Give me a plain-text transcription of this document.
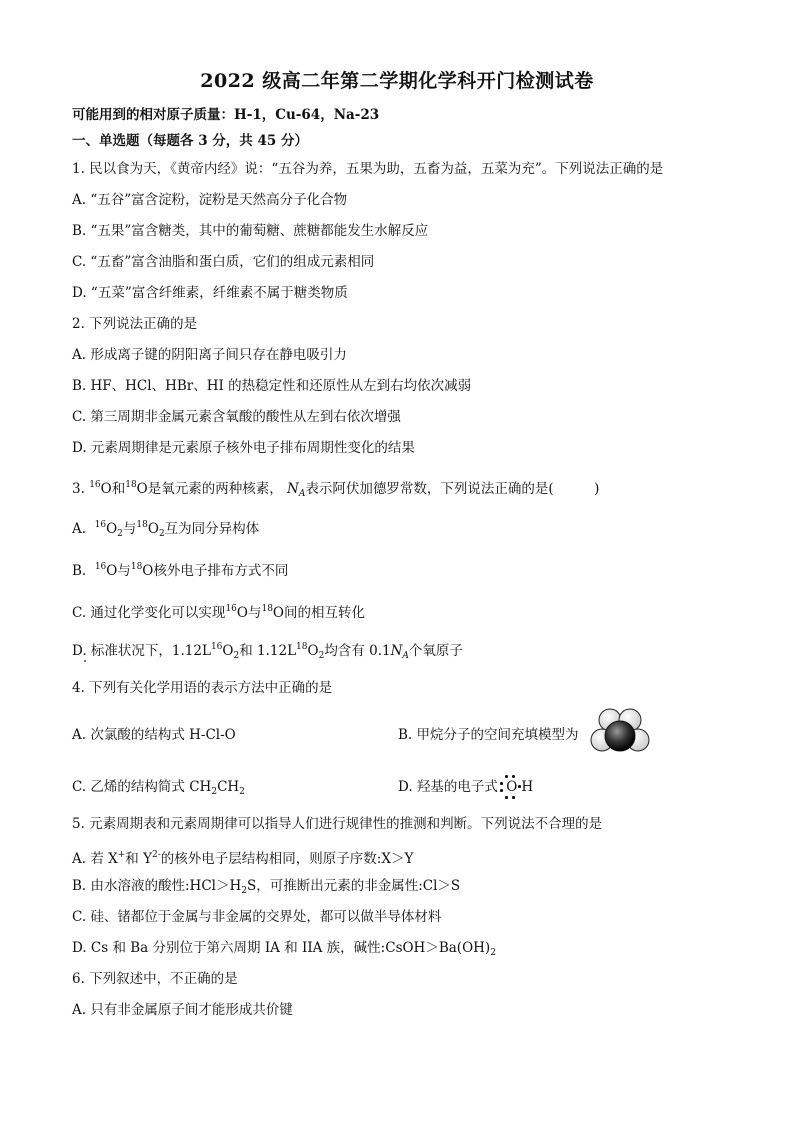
2022 级高二年第二学期化学科开门检测试卷
可能用到的相对原子质量：H-1，Cu-64，Na-23
一、单选题（每题各 3 分，共 45 分）
1. 民以食为天，《黄帝内经》说：“五谷为养，五果为助，五畜为益，五菜为充”。下列说法正确的是
A. “五谷”富含淀粉，淀粉是天然高分子化合物
B. “五果”富含糖类，其中的葡萄糖、蔗糖都能发生水解反应
C. “五畜”富含油脂和蛋白质，它们的组成元素相同
D. “五菜”富含纤维素，纤维素不属于糖类物质
2. 下列说法正确的是
A. 形成离子键的阴阳离子间只存在静电吸引力
B. HF、HCl、HBr、HI 的热稳定性和还原性从左到右均依次减弱
C. 第三周期非金属元素含氧酸的酸性从左到右依次增强
D. 元素周期律是元素原子核外电子排布周期性变化的结果
3. $^{16}$O和$^{18}$O是氧元素的两种核素， $N_A$表示阿伏加德罗常数，下列说法正确的是(　　　)
A. $^{16}O_2$与$^{18}O_2$互为同分异构体
B. $^{16}$O与$^{18}$O核外电子排布方式不同
C. 通过化学变化可以实现$^{16}$O与$^{18}$O间的相互转化
D. 标准状况下，$1.12L^{16}O_2$和 $1.12L^{18}O_2$均含有 $0.1N_A$个氧原子
4. 下列有关化学用语的表示方法中正确的是
A. 次氯酸的结构式 H-Cl-O	B. 甲烷分子的空间充填模型为
C. 乙烯的结构简式 $CH_2CH_2$	D. 羟基的电子式 O H
5. 元素周期表和元素周期律可以指导人们进行规律性的推测和判断。下列说法不合理的是
A. 若 X+和 $Y^{2-}$的核外电子层结构相同，则原子序数:X＞Y
B. 由水溶液的酸性$:HCl>H_2S$，可推断出元素的非金属性:Cl＞S
C. 硅、锗都位于金属与非金属的交界处，都可以做半导体材料
D. Cs 和 Ba 分别位于第六周期 IA 和 IIA 族，碱性$:CsOH>Ba(OH)_2$
6. 下列叙述中，不正确的是
A. 只有非金属原子间才能形成共价键
